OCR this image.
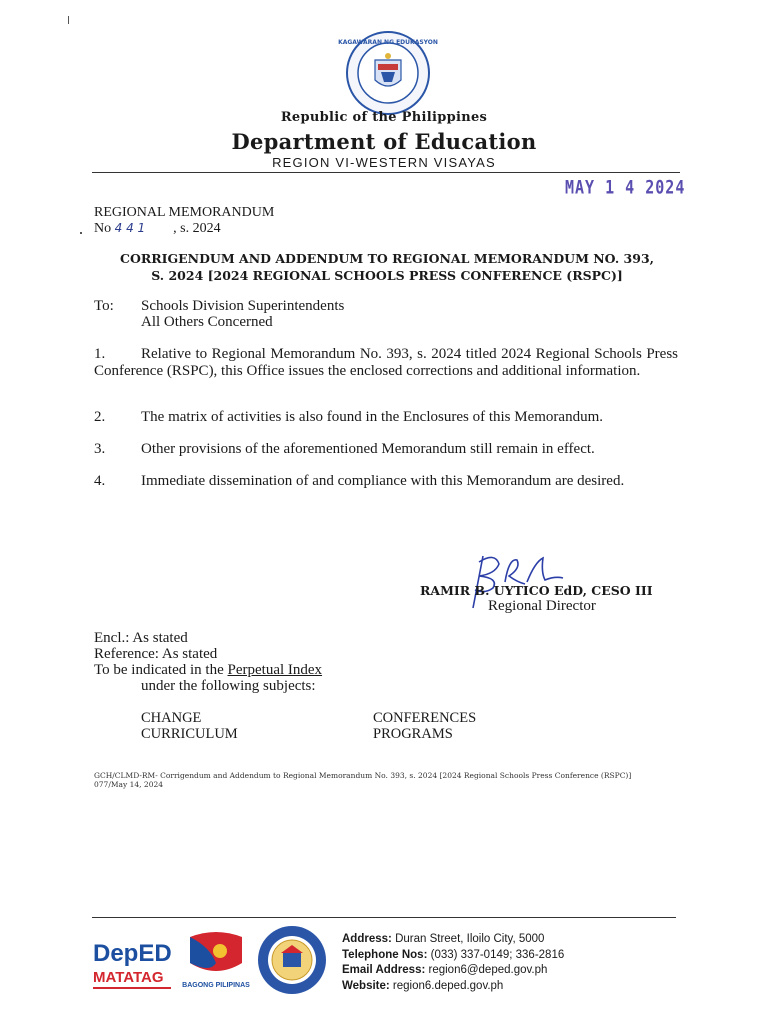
KAGAWARAN NG EDUKASYON
Republic of the Philippines
Department of Education
REGION VI-WESTERN VISAYAS
MAY 1 4 2024
REGIONAL MEMORANDUM
No 4 4 1 , s. 2024
CORRIGENDUM AND ADDENDUM TO REGIONAL MEMORANDUM NO. 393,
S. 2024 [2024 REGIONAL SCHOOLS PRESS CONFERENCE (RSPC)]
To: Schools Division Superintendents
All Others Concerned
1. Relative to Regional Memorandum No. 393, s. 2024 titled 2024 Regional Schools Press Conference (RSPC), this Office issues the enclosed corrections and additional information.
2. The matrix of activities is also found in the Enclosures of this Memorandum.
3. Other provisions of the aforementioned Memorandum still remain in effect.
4. Immediate dissemination of and compliance with this Memorandum are desired.
RAMIR B. UYTICO EdD, CESO III
Regional Director
Encl.: As stated
Reference: As stated
To be indicated in the Perpetual Index
under the following subjects:
CHANGE
CURRICULUM
CONFERENCES
PROGRAMS
GCH/CLMD-RM- Corrigendum and Addendum to Regional Memorandum No. 393, s. 2024 [2024 Regional Schools Press Conference (RSPC)]
077/May 14, 2024
DepED
MATATAG	BAGONG PILIPINAS
Address: Duran Street, Iloilo City, 5000
Telephone Nos: (033) 337-0149; 336-2816
Email Address: region6@deped.gov.ph
Website: region6.deped.gov.ph
